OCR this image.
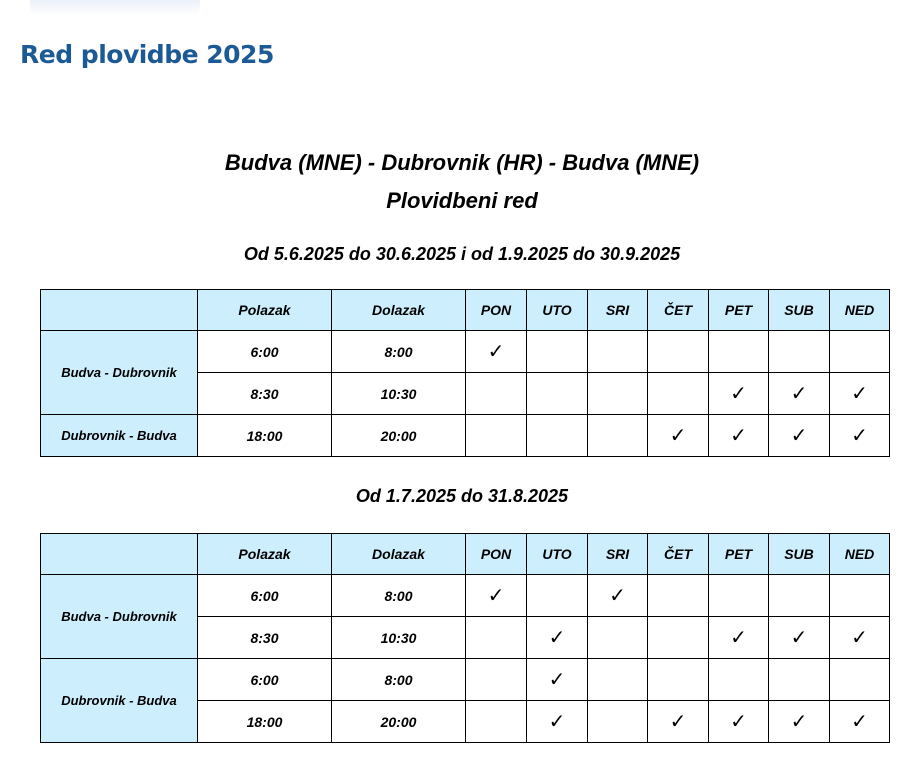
Red plovidbe 2025
Budva (MNE) - Dubrovnik (HR) - Budva (MNE)
Plovidbeni red
Od 5.6.2025 do 30.6.2025 i od 1.9.2025 do 30.9.2025
	Polazak	Dolazak	PON	UTO	SRI	ČET	PET	SUB	NED
Budva - Dubrovnik	6:00	8:00	✓						
	8:30	10:30					✓	✓	✓
Dubrovnik - Budva	18:00	20:00				✓	✓	✓	✓
Od 1.7.2025 do 31.8.2025
	Polazak	Dolazak	PON	UTO	SRI	ČET	PET	SUB	NED
Budva - Dubrovnik	6:00	8:00	✓		✓				
	8:30	10:30		✓			✓	✓	✓
Dubrovnik - Budva	6:00	8:00		✓					
	18:00	20:00		✓		✓	✓	✓	✓
